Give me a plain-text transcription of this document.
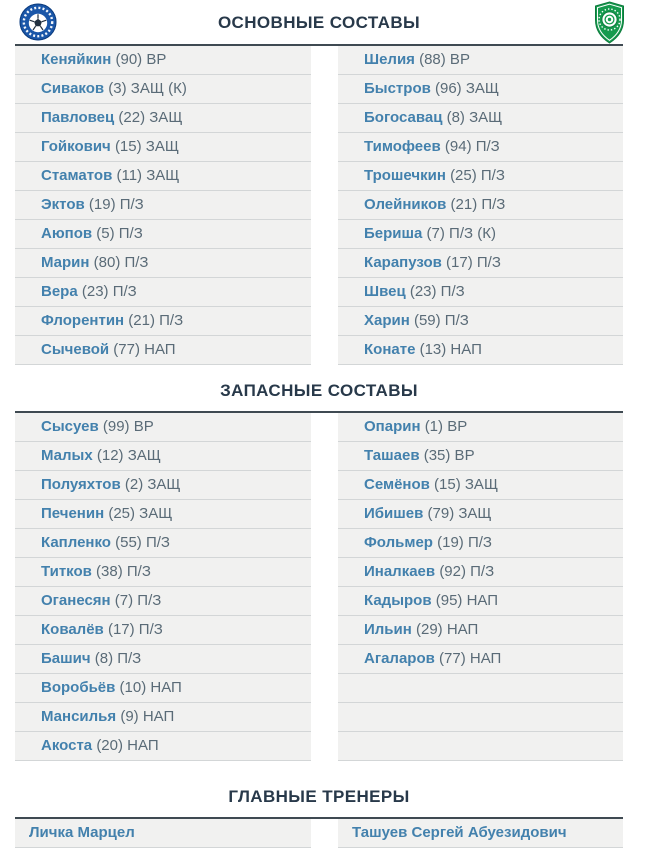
ОСНОВНЫЕ СОСТАВЫ
Кеняйкин (90) ВР
Сиваков (3) ЗАЩ (К)
Павловец (22) ЗАЩ
Гойкович (15) ЗАЩ
Стаматов (11) ЗАЩ
Эктов (19) П/З
Аюпов (5) П/З
Марин (80) П/З
Вера (23) П/З
Флорентин (21) П/З
Сычевой (77) НАП
Шелия (88) ВР
Быстров (96) ЗАЩ
Богосавац (8) ЗАЩ
Тимофеев (94) П/З
Трошечкин (25) П/З
Олейников (21) П/З
Бериша (7) П/З (К)
Карапузов (17) П/З
Швец (23) П/З
Харин (59) П/З
Конате (13) НАП
ЗАПАСНЫЕ СОСТАВЫ
Сысуев (99) ВР
Малых (12) ЗАЩ
Полуяхтов (2) ЗАЩ
Печенин (25) ЗАЩ
Капленко (55) П/З
Титков (38) П/З
Оганесян (7) П/З
Ковалёв (17) П/З
Башич (8) П/З
Воробьёв (10) НАП
Мансилья (9) НАП
Акоста (20) НАП
Опарин (1) ВР
Ташаев (35) ВР
Семёнов (15) ЗАЩ
Ибишев (79) ЗАЩ
Фольмер (19) П/З
Иналкаев (92) П/З
Кадыров (95) НАП
Ильин (29) НАП
Агаларов (77) НАП
ГЛАВНЫЕ ТРЕНЕРЫ
Личка Марцел	Ташуев Сергей Абуезидович
